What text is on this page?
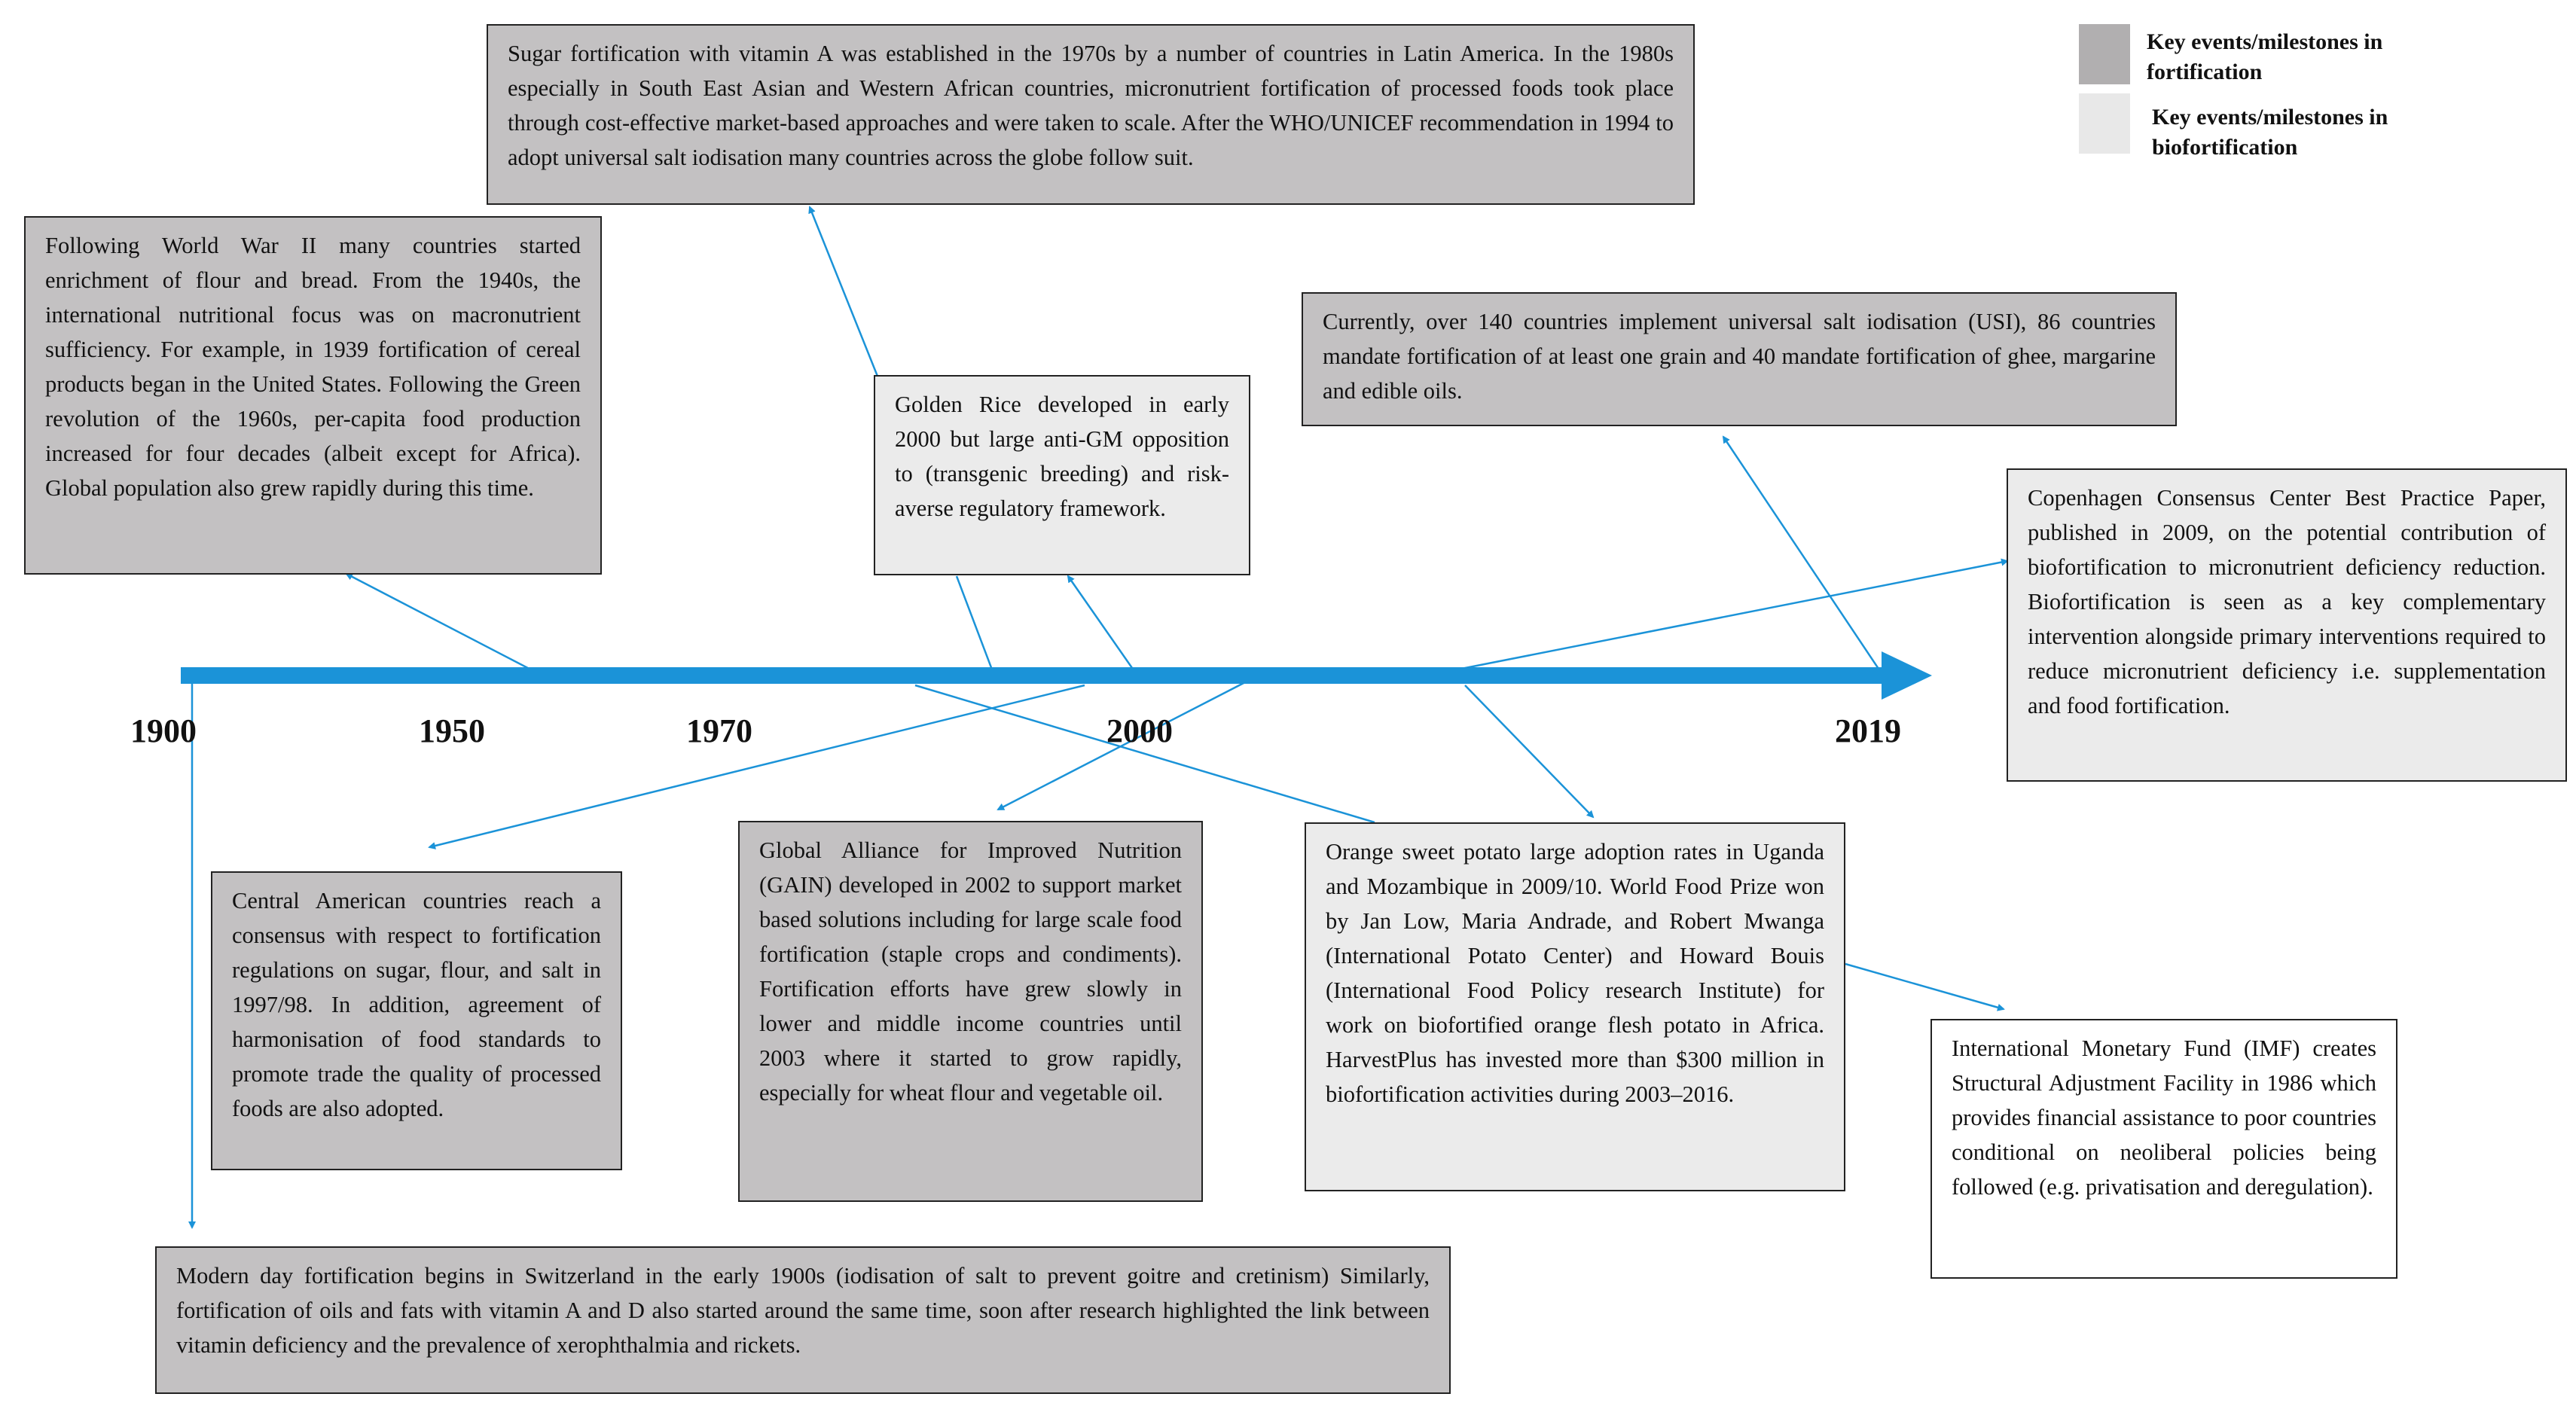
1900	1950	1970	2000	2019
Key events/milestones in fortification
Key events/milestones in biofortification
Sugar fortification with vitamin A was established in the 1970s by a number of countries in Latin America. In the 1980s especially in South East Asian and Western African countries, micronutrient fortification of processed foods took place through cost-effective market-based approaches and were taken to scale. After the WHO/UNICEF recommendation in 1994 to adopt universal salt iodisation many countries across the globe follow suit.
Following World War II many countries started enrichment of flour and bread. From the 1940s, the international nutritional focus was on macronutrient sufficiency. For example, in 1939 fortification of cereal products began in the United States. Following the Green revolution of the 1960s, per-capita food production increased for four decades (albeit except for Africa). Global population also grew rapidly during this time.
Golden Rice developed in early 2000 but large anti-GM opposition to (transgenic breeding) and risk-averse regulatory framework.
Currently, over 140 countries implement universal salt iodisation (USI), 86 countries mandate fortification of at least one grain and 40 mandate fortification of ghee, margarine and edible oils.
Copenhagen Consensus Center Best Practice Paper, published in 2009, on the potential contribution of biofortification to micronutrient deficiency reduction. Biofortification is seen as a key complementary intervention alongside primary interventions required to reduce micronutrient deficiency i.e. supplementation and food fortification.
Central American countries reach a consensus with respect to fortification regulations on sugar, flour, and salt in 1997/98. In addition, agreement of harmonisation of food standards to promote trade the quality of processed foods are also adopted.
Global Alliance for Improved Nutrition (GAIN) developed in 2002 to support market based solutions including for large scale food fortification (staple crops and condiments). Fortification efforts have grew slowly in lower and middle income countries until 2003 where it started to grow rapidly, especially for wheat flour and vegetable oil.
Orange sweet potato large adoption rates in Uganda and Mozambique in 2009/10. World Food Prize won by Jan Low, Maria Andrade, and Robert Mwanga (International Potato Center) and Howard Bouis (International Food Policy research Institute) for work on biofortified orange flesh potato in Africa. HarvestPlus has invested more than $300 million in biofortification activities during 2003–2016.
International Monetary Fund (IMF) creates Structural Adjustment Facility in 1986 which provides financial assistance to poor countries conditional on neoliberal policies being followed (e.g. privatisation and deregulation).
Modern day fortification begins in Switzerland in the early 1900s (iodisation of salt to prevent goitre and cretinism) Similarly, fortification of oils and fats with vitamin A and D also started around the same time, soon after research highlighted the link between vitamin deficiency and the prevalence of xerophthalmia and rickets.
